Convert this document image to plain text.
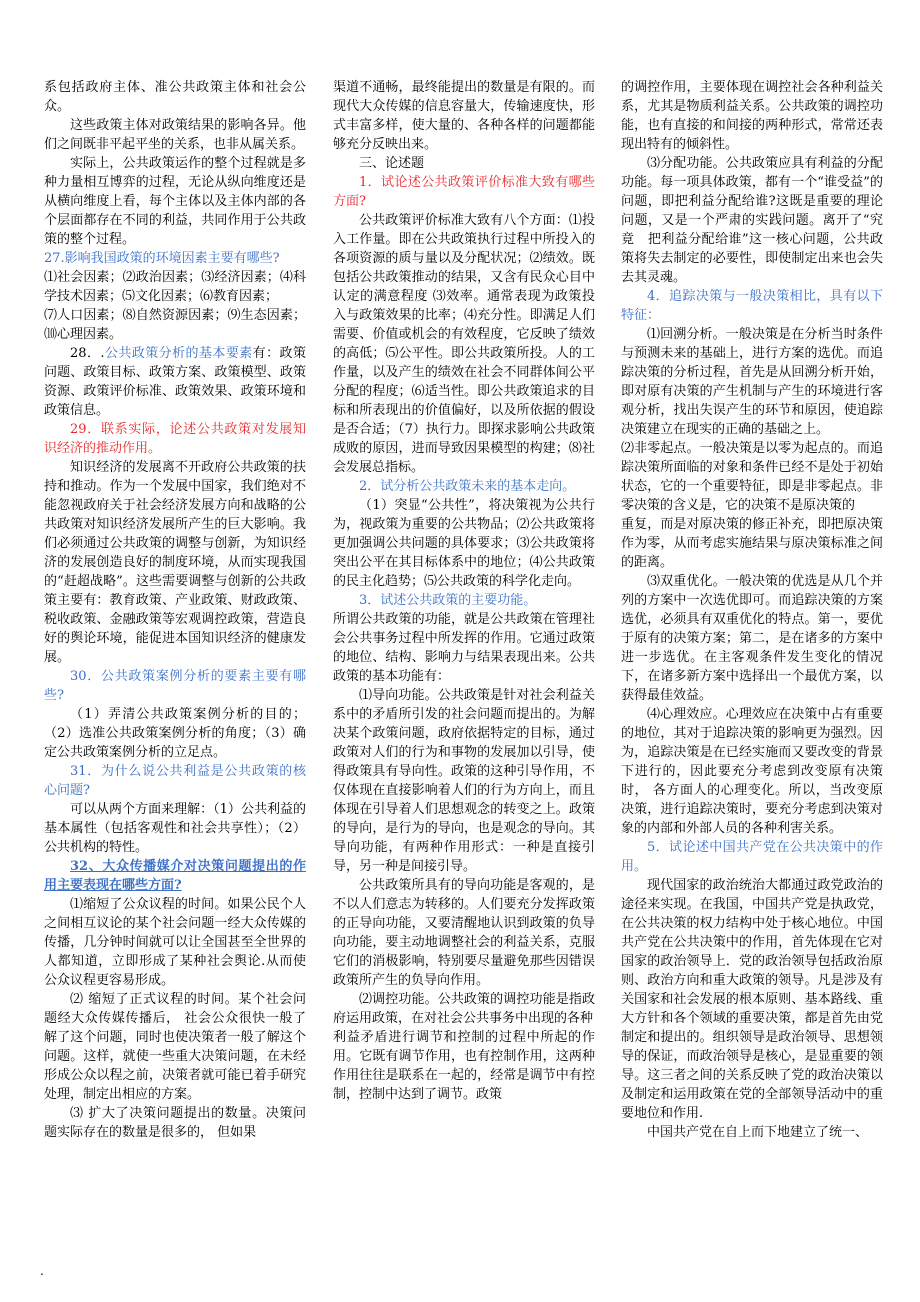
系包括政府主体、准公共政策主体和社会公众。

这些政策主体对政策结果的影响各异。他们之间既非平起平坐的关系，也非从属关系。

实际上，公共政策运作的整个过程就是多种力量相互博弈的过程，无论从纵向维度还是从横向维度上看，每个主体以及主体内部的各个层面都存在不同的利益，共同作用于公共政策的整个过程。

27.影响我国政策的环境因素主要有哪些?

⑴社会因素；⑵政治因素；⑶经济因素；⑷科学技术因素；⑸文化因素；⑹教育因素；

⑺人口因素；⑻自然资源因素；⑼生态因素；⑽心理因素。

28．.公共政策分析的基本要素有：政策问题、政策目标、政策方案、政策模型、政策资源、政策评价标准、政策效果、政策环境和政策信息。

29．联系实际，论述公共政策对发展知识经济的推动作用。

知识经济的发展离不开政府公共政策的扶持和推动。作为一个发展中国家，我们绝对不能忽视政府关于社会经济发展方向和战略的公共政策对知识经济发展所产生的巨大影响。我们必须通过公共政策的调整与创新，为知识经济的发展创造良好的制度环境，从而实现我国的“赶超战略”。这些需要调整与创新的公共政策主要有：教育政策、产业政策、财政政策、税收政策、金融政策等宏观调控政策，营造良好的舆论环境，能促进本国知识经济的健康发展。

30．公共政策案例分析的要素主要有哪些?

（1）弄清公共政策案例分析的目的；（2）选准公共政策案例分析的角度；（3）确定公共政策案例分析的立足点。

31．为什么说公共利益是公共政策的核心问题?

可以从两个方面来理解：（1）公共利益的基本属性（包括客观性和社会共享性）；（2）公共机构的特性。

32、大众传播媒介对决策问题提出的作用主要表现在哪些方面?

⑴缩短了公众议程的时间。如果公民个人之间相互议论的某个社会问题一经大众传媒的传播，几分钟时间就可以让全国甚至全世界的人都知道，立即形成了某种社会舆论.从而使公众议程更容易形成。

⑵ 缩短了正式议程的时间。某个社会问题经大众传媒传播后， 社会公众很快一般了解了这个问题，同时也使决策者一般了解这个问题。这样，就使一些重大决策问题，在未经形成公众以程之前，决策者就可能已着手研究处理，制定出相应的方案。

⑶ 扩大了决策问题提出的数量。决策问题实际存在的数量是很多的， 但如果

渠道不通畅，最终能提出的数量是有限的。而现代大众传媒的信息容量大，传输速度快，形式丰富多样，使大量的、各种各样的问题都能够充分反映出来。

三、论述题

1．试论述公共政策评价标准大致有哪些方面?

公共政策评价标准大致有八个方面：⑴投入工作量。即在公共政策执行过程中所投入的各项资源的质与量以及分配状况；⑵绩效。既包括公共政策推动的结果，又含有民众心目中认定的满意程度 ⑶效率。通常表现为政策投入与政策效果的比率；⑷充分性。即满足人们需要、价值或机会的有效程度，它反映了绩效的高低；⑸公平性。即公共政策所投。人的工作量，以及产生的绩效在社会不同群体间公平分配的程度；⑹适当性。即公共政策追求的目标和所表现出的价值偏好，以及所依据的假设是否合适；（7）执行力。即探求影响公共政策成败的原因，进而导致因果模型的构建；⑻社会发展总指标。

2．试分析公共政策未来的基本走向。

（1）突显“公共性”，将决策视为公共行为，视政策为重要的公共物品；⑵公共政策将更加强调公共问题的具体要求；⑶公共政策将突出公平在其目标体系中的地位；⑷公共政策的民主化趋势；⑸公共政策的科学化走向。

3．试述公共政策的主要功能。

所谓公共政策的功能，就是公共政策在管理社会公共事务过程中所发挥的作用。它通过政策的地位、结构、影响力与结果表现出来。公共政策的基本功能有：

⑴导向功能。公共政策是针对社会利益关系中的矛盾所引发的社会问题而提出的。为解决某个政策问题，政府依据特定的目标，通过政策对人们的行为和事物的发展加以引导，使得政策具有导向性。政策的这种引导作用，不仅体现在直接影响着人们的行为方向上，而且体现在引导着人们思想观念的转变之上。政策的导向，是行为的导向，也是观念的导向。其导向功能，有两种作用形式：一种是直接引导，另一种是间接引导。

公共政策所具有的导向功能是客观的，是不以人们意志为转移的。人们要充分发挥政策的正导向功能，又要清醒地认识到政策的负导向功能，要主动地调整社会的利益关系，克服它们的消极影响，特别要尽量避免那些因错误政策所产生的负导向作用。

⑵调控功能。公共政策的调控功能是指政府运用政策，在对社会公共事务中出现的各种

利益矛盾进行调节和控制的过程中所起的作用。它既有调节作用，也有控制作用，这两种作用往往是联系在一起的，经常是调节中有控制，控制中达到了调节。政策

的调控作用，主要体现在调控社会各种利益关系，尤其是物质利益关系。公共政策的调控功能，也有直接的和间接的两种形式，常常还表现出特有的倾斜性。

⑶分配功能。公共政策应具有利益的分配功能。每一项具体政策，都有一个“谁受益”的问题，即把利益分配给谁?这既是重要的理论问题，又是一个严肃的实践问题。离开了“究竟　把利益分配给谁”这一核心问题，公共政策将失去制定的必要性，即使制定出来也会失去其灵魂。

4．追踪决策与一般决策相比，具有以下特征：

⑴回溯分析。一般决策是在分析当时条件与预测未来的基础上，进行方案的选优。而追踪决策的分析过程，首先是从回溯分析开始，即对原有决策的产生机制与产生的环境进行客观分析，找出失误产生的环节和原因，使追踪决策建立在现实的正确的基础之上。

⑵非零起点。一般决策是以零为起点的。而追踪决策所面临的对象和条件已经不是处于初始状态，它的一个重要特征，即是非零起点。非零决策的含义是，它的决策不是原决策的

重复，而是对原决策的修正补充，即把原决策作为零，从而考虑实施结果与原决策标准之间的距离。

⑶双重优化。一般决策的优选是从几个并列的方案中一次选优即可。而追踪决策的方案选优，必须具有双重优化的特点。第一，要优于原有的决策方案；第二，是在诸多的方案中进一步选优。在主客观条件发生变化的情况下，在诸多新方案中选择出一个最优方案，以获得最佳效益。

⑷心理效应。心理效应在决策中占有重要的地位，其对于追踪决策的影响更为强烈。因为，追踪决策是在已经实施而又要改变的背景下进行的，因此要充分考虑到改变原有决策时， 各方面人的心理变化。所以，当改变原决策，进行追踪决策时，要充分考虑到决策对象的内部和外部人员的各种利害关系。

5．试论述中国共产党在公共决策中的作用。

现代国家的政治统治大都通过政党政治的途径来实现。在我国，中国共产党是执政党，在公共决策的权力结构中处于核心地位。中国共产党在公共决策中的作用，首先体现在它对国家的政治领导上．党的政治领导包括政治原则、政治方向和重大政策的领导。凡是涉及有关国家和社会发展的根本原则、基本路线、重大方针和各个领域的重要决策，都是首先由党制定和提出的。组织领导是政治领导、思想领导的保证，而政治领导是核心，是显重要的领导。这三者之间的关系反映了党的政治决策以及制定和运用政策在党的全部领导活动中的重要地位和作用.

中国共产党在自上而下地建立了统一、

.
